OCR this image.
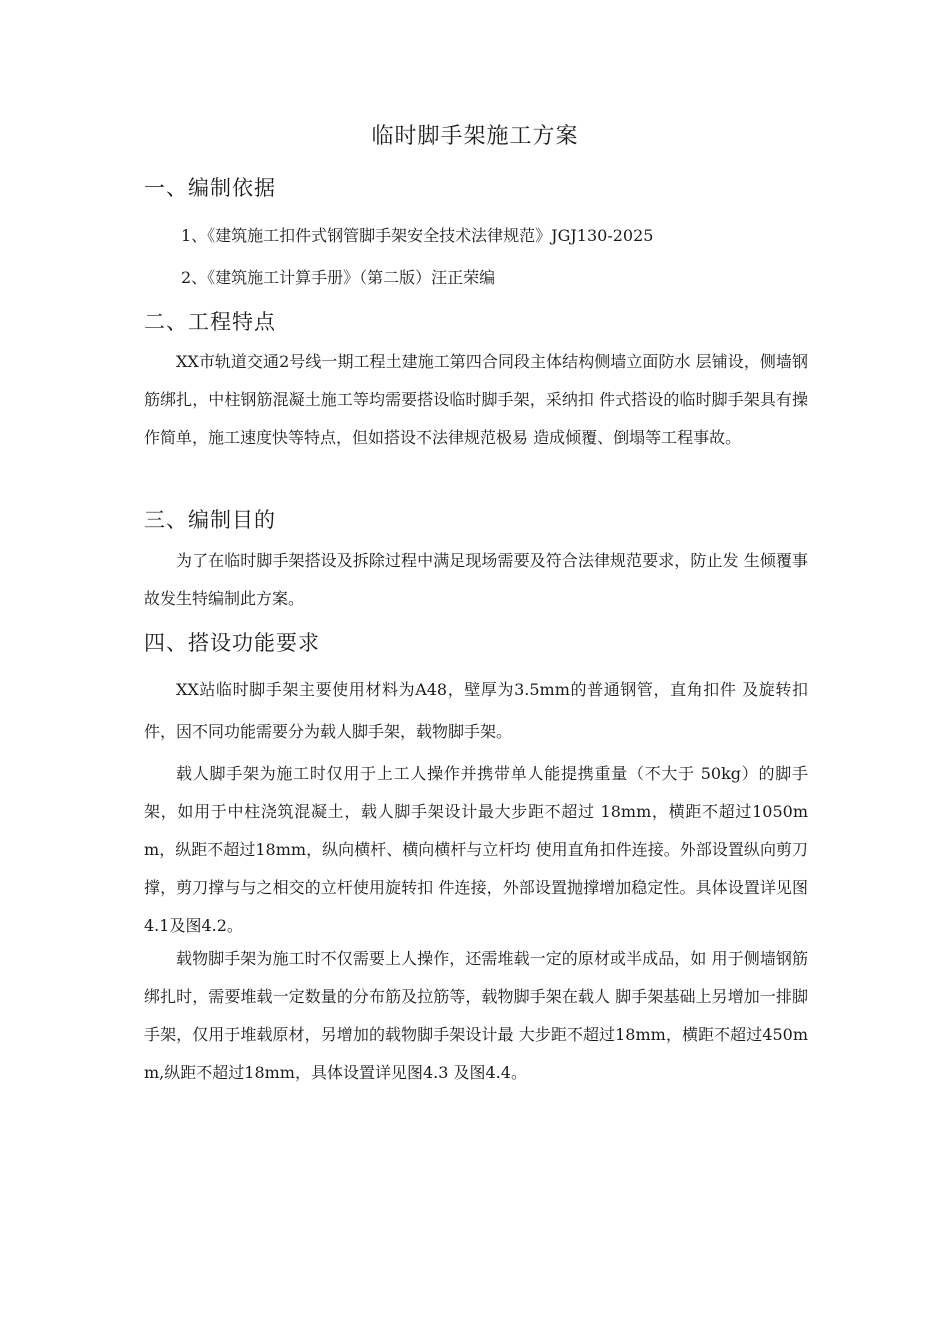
临时脚手架施工方案
一、编制依据
1、《建筑施工扣件式钢管脚手架安全技术法律规范》JGJ130-2025
2、《建筑施工计算手册》（第二版）汪正荣编
二、工程特点
XX市轨道交通2号线一期工程土建施工第四合同段主体结构侧墙立面防水 层铺设，侧墙钢筋绑扎，中柱钢筋混凝土施工等均需要搭设临时脚手架，采纳扣 件式搭设的临时脚手架具有操作简单，施工速度快等特点，但如搭设不法律规范极易 造成倾覆、倒塌等工程事故。
三、编制目的
为了在临时脚手架搭设及拆除过程中满足现场需要及符合法律规范要求，防止发 生倾覆事故发生特编制此方案。
四、搭设功能要求
XX站临时脚手架主要使用材料为A48，壁厚为3.5mm的普通钢管，直角扣件 及旋转扣件，因不同功能需要分为载人脚手架，载物脚手架。
载人脚手架为施工时仅用于上工人操作并携带单人能提携重量（不大于 50kg）的脚手架，如用于中柱浇筑混凝土，载人脚手架设计最大步距不超过 18mm，横距不超过1050mm，纵距不超过18mm，纵向横杆、横向横杆与立杆均 使用直角扣件连接。外部设置纵向剪刀撑，剪刀撑与与之相交的立杆使用旋转扣 件连接，外部设置抛撑增加稳定性。具体设置详见图4.1及图4.2。
载物脚手架为施工时不仅需要上人操作，还需堆载一定的原材或半成品，如 用于侧墙钢筋绑扎时，需要堆载一定数量的分布筋及拉筋等，载物脚手架在载人 脚手架基础上另增加一排脚手架，仅用于堆载原材，另增加的载物脚手架设计最 大步距不超过18mm，横距不超过450mm,纵距不超过18mm，具体设置详见图4.3 及图4.4。
